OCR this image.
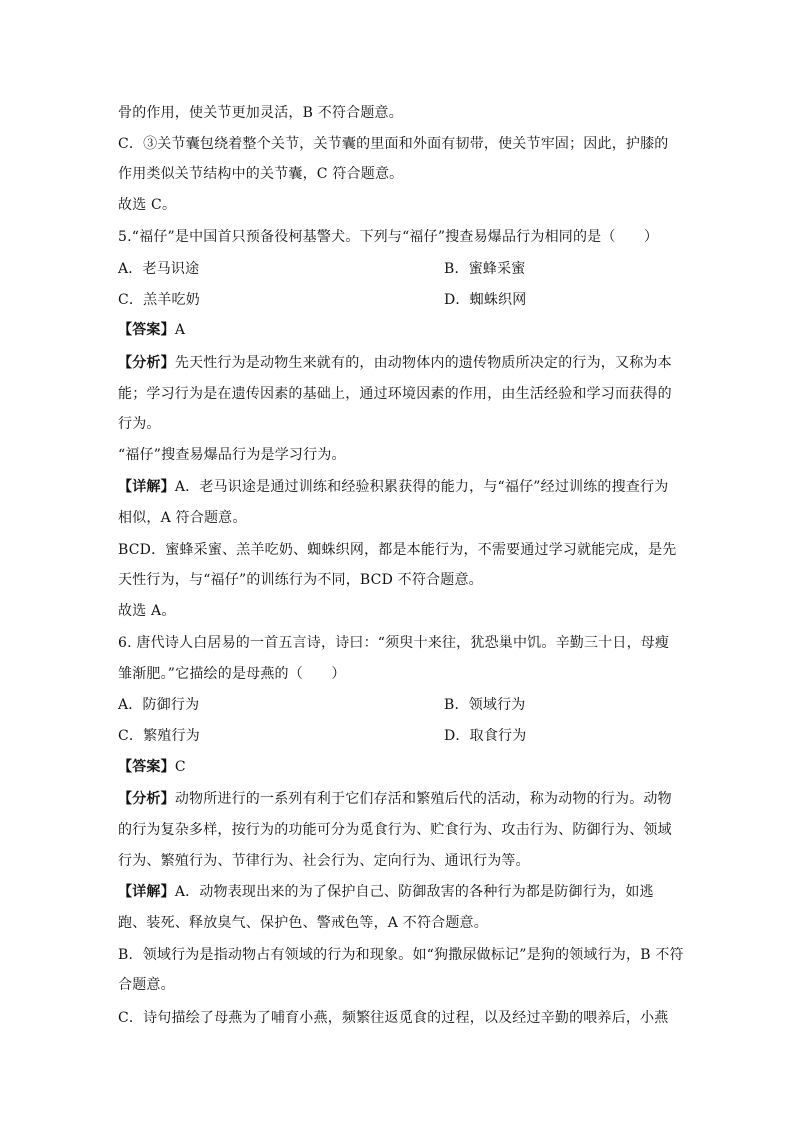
骨的作用，使关节更加灵活，B 不符合题意。
C．③关节囊包绕着整个关节，关节囊的里面和外面有韧带，使关节牢固；因此，护膝的
作用类似关节结构中的关节囊，C 符合题意。
故选 C。
5.“福仔”是中国首只预备役柯基警犬。下列与“福仔”搜查易爆品行为相同的是（　　）
A．老马识途	B．蜜蜂采蜜
C．羔羊吃奶	D．蜘蛛织网
【答案】A
【分析】先天性行为是动物生来就有的，由动物体内的遗传物质所决定的行为，又称为本
能；学习行为是在遗传因素的基础上，通过环境因素的作用，由生活经验和学习而获得的
行为。
“福仔”搜查易爆品行为是学习行为。
【详解】A．老马识途是通过训练和经验积累获得的能力，与“福仔”经过训练的搜查行为
相似，A 符合题意。
BCD．蜜蜂采蜜、羔羊吃奶、蜘蛛织网，都是本能行为，不需要通过学习就能完成，是先
天性行为，与“福仔”的训练行为不同，BCD 不符合题意。
故选 A。
6. 唐代诗人白居易的一首五言诗，诗曰：“须臾十来往，犹恐巢中饥。辛勤三十日，母瘦
雏渐肥。”它描绘的是母燕的（　　）
A．防御行为	B．领域行为
C．繁殖行为	D．取食行为
【答案】C
【分析】动物所进行的一系列有利于它们存活和繁殖后代的活动，称为动物的行为。动物
的行为复杂多样，按行为的功能可分为觅食行为、贮食行为、攻击行为、防御行为、领域
行为、繁殖行为、节律行为、社会行为、定向行为、通讯行为等。
【详解】A．动物表现出来的为了保护自己、防御敌害的各种行为都是防御行为，如逃
跑、装死、释放臭气、保护色、警戒色等，A 不符合题意。
B．领域行为是指动物占有领域的行为和现象。如“狗撒尿做标记”是狗的领域行为，B 不符
合题意。
C．诗句描绘了母燕为了哺育小燕，频繁往返觅食的过程，以及经过辛勤的喂养后，小燕
